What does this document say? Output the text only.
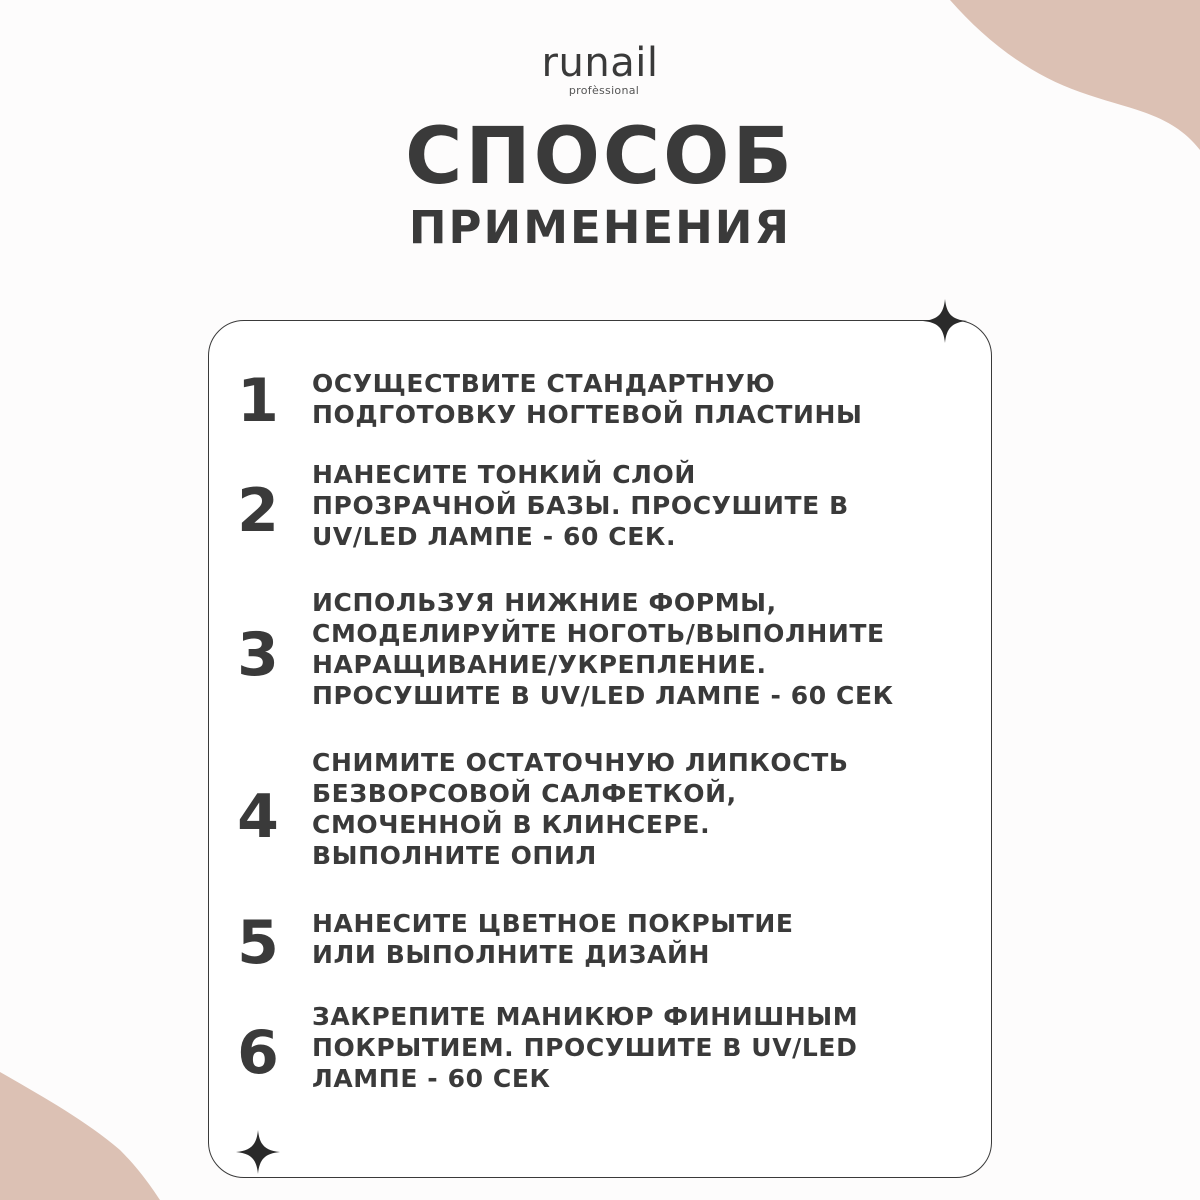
runail
profèssional
СПОСОБ
ПРИМЕНЕНИЯ
1	ОСУЩЕСТВИТЕ СТАНДАРТНУЮ
ПОДГОТОВКУ НОГТЕВОЙ ПЛАСТИНЫ
2
НАНЕСИТЕ ТОНКИЙ СЛОЙ
ПРОЗРАЧНОЙ БАЗЫ. ПРОСУШИТЕ В
UV/LED ЛАМПЕ - 60 СЕК.
3
ИСПОЛЬЗУЯ НИЖНИЕ ФОРМЫ,
СМОДЕЛИРУЙТЕ НОГОТЬ/ВЫПОЛНИТЕ
НАРАЩИВАНИЕ/УКРЕПЛЕНИЕ.
ПРОСУШИТЕ В UV/LED ЛАМПЕ - 60 СЕК
4
СНИМИТЕ ОСТАТОЧНУЮ ЛИПКОСТЬ
БЕЗВОРСОВОЙ САЛФЕТКОЙ,
СМОЧЕННОЙ В КЛИНСЕРЕ.
ВЫПОЛНИТЕ ОПИЛ
5	НАНЕСИТЕ ЦВЕТНОЕ ПОКРЫТИЕ
ИЛИ ВЫПОЛНИТЕ ДИЗАЙН
6
ЗАКРЕПИТЕ МАНИКЮР ФИНИШНЫМ
ПОКРЫТИЕМ. ПРОСУШИТЕ В UV/LED
ЛАМПЕ - 60 СЕК
